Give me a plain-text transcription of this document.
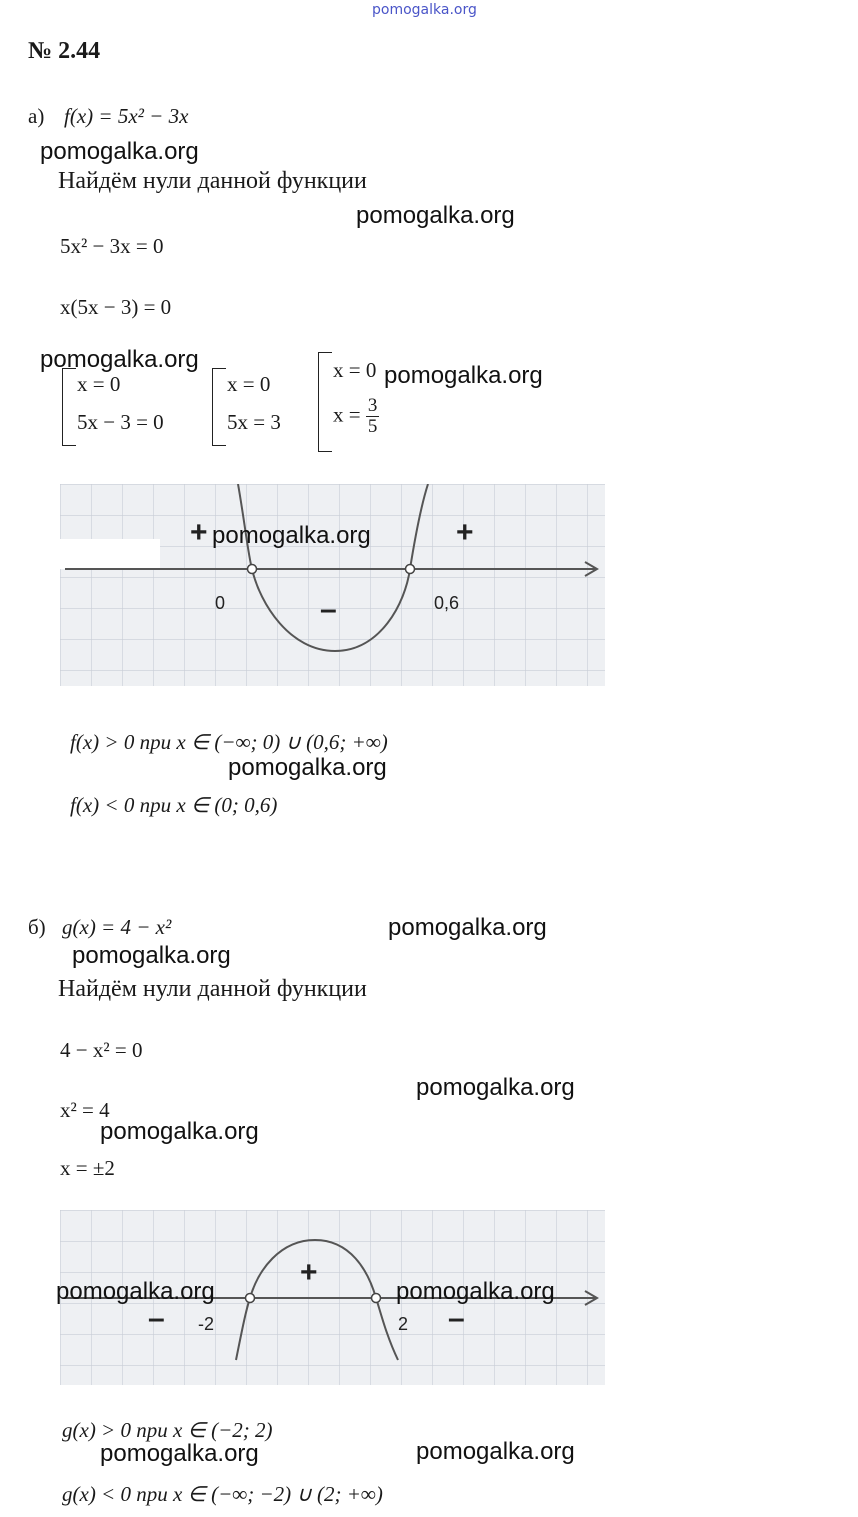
pomogalka.org
№ 2.44
а) f(x) = 5x² − 3x
pomogalka.org
Найдём нули данной функции
pomogalka.org
5x² − 3x = 0
x(5x − 3) = 0
pomogalka.org
x = 0
5x − 3 = 0
x = 0
5x = 3
x = 0
$x = \frac{3}{5}$
pomogalka.org
0	0,6
+
–
+
pomogalka.org
f(x) > 0 при x ∈ (−∞; 0) ∪ (0,6; +∞)
pomogalka.org
f(x) < 0 при x ∈ (0; 0,6)
б) g(x) = 4 − x²	pomogalka.org
pomogalka.org
Найдём нули данной функции
4 − x² = 0
pomogalka.org
x² = 4
pomogalka.org
x = ±2
-2	2
–
+
–
pomogalka.org	pomogalka.org
g(x) > 0 при x ∈ (−2; 2)
pomogalka.org	pomogalka.org
g(x) < 0 при x ∈ (−∞; −2) ∪ (2; +∞)
